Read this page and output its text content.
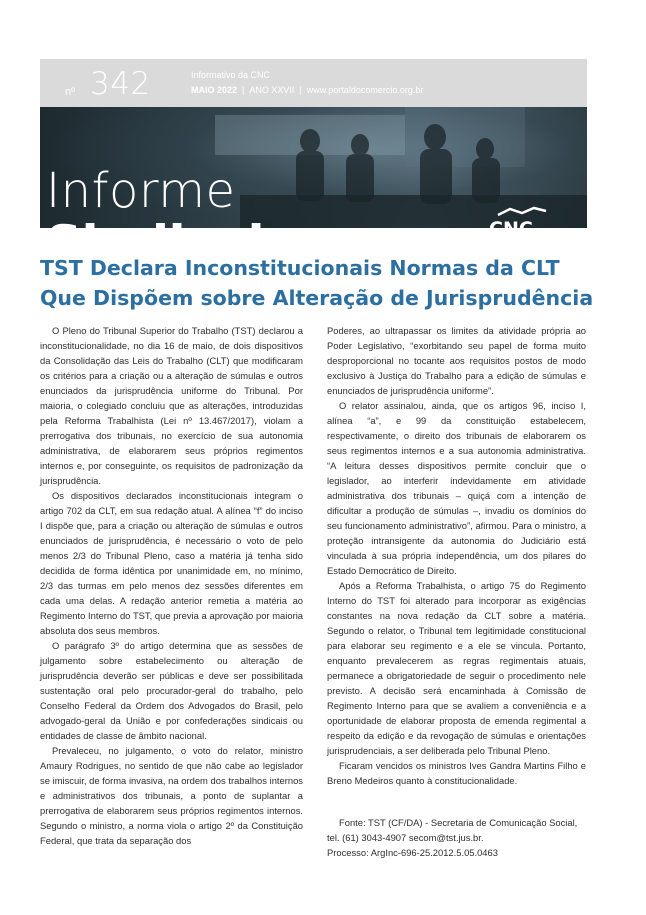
nº 342	Informativo da CNC
MAIO 2022 | ANO XXVII | www.portaldocomercio.org.br
Informe
Sindical	CNC
Sesc Senac
TST Declara Inconstitucionais Normas da CLT
Que Dispõem sobre Alteração de Jurisprudência

O Pleno do Tribunal Superior do Trabalho (TST) declarou a inconstitucionalidade, no dia 16 de maio, de dois dispositivos da Consolidação das Leis do Trabalho (CLT) que modificaram os critérios para a criação ou a alteração de súmulas e outros enunciados da jurisprudência uniforme do Tribunal. Por maioria, o colegiado concluiu que as alterações, introduzidas pela Reforma Trabalhista (Lei nº 13.467/2017), violam a prerrogativa dos tribunais, no exercício de sua autonomia administrativa, de elaborarem seus próprios regimentos internos e, por conseguinte, os requisitos de padronização da jurisprudência.

Os dispositivos declarados inconstitucionais integram o artigo 702 da CLT, em sua redação atual. A alínea “f” do inciso I dispõe que, para a criação ou alteração de súmulas e outros enunciados de jurisprudência, é necessário o voto de pelo menos 2/3 do Tribunal Pleno, caso a matéria já tenha sido decidida de forma idêntica por unanimidade em, no mínimo, 2/3 das turmas em pelo menos dez sessões diferentes em cada uma delas. A redação anterior remetia a matéria ao Regimento Interno do TST, que previa a aprovação por maioria absoluta dos seus membros.

O parágrafo 3º do artigo determina que as sessões de julgamento sobre estabelecimento ou alteração de jurisprudência deverão ser públicas e deve ser possibilitada sustentação oral pelo procurador-geral do trabalho, pelo Conselho Federal da Ordem dos Advogados do Brasil, pelo advogado-geral da União e por confederações sindicais ou entidades de classe de âmbito nacional.

Prevaleceu, no julgamento, o voto do relator, ministro Amaury Rodrigues, no sentido de que não cabe ao legislador se imiscuir, de forma invasiva, na ordem dos trabalhos internos e administrativos dos tribunais, a ponto de suplantar a prerrogativa de elaborarem seus próprios regimentos internos. Segundo o ministro, a norma viola o artigo 2º da Constituição Federal, que trata da separação dos

Poderes, ao ultrapassar os limites da atividade própria ao Poder Legislativo, “exorbitando seu papel de forma muito desproporcional no tocante aos requisitos postos de modo exclusivo à Justiça do Trabalho para a edição de súmulas e enunciados de jurisprudência uniforme”.

O relator assinalou, ainda, que os artigos 96, inciso I, alínea “a”, e 99 da constituição estabelecem, respectivamente, o direito dos tribunais de elaborarem os seus regimentos internos e a sua autonomia administrativa. “A leitura desses dispositivos permite concluir que o legislador, ao interferir indevidamente em atividade administrativa dos tribunais – quiçá com a intenção de dificultar a produção de súmulas –, invadiu os domínios do seu funcionamento administrativo”, afirmou. Para o ministro, a proteção intransigente da autonomia do Judiciário está vinculada à sua própria independência, um dos pilares do Estado Democrático de Direito.

Após a Reforma Trabalhista, o artigo 75 do Regimento Interno do TST foi alterado para incorporar as exigências constantes na nova redação da CLT sobre a matéria. Segundo o relator, o Tribunal tem legitimidade constitucional para elaborar seu regimento e a ele se vincula. Portanto, enquanto prevalecerem as regras regimentais atuais, permanece a obrigatoriedade de seguir o procedimento nele previsto. A decisão será encaminhada à Comissão de Regimento Interno para que se avaliem a conveniência e a oportunidade de elaborar proposta de emenda regimental a respeito da edição e da revogação de súmulas e orientações jurisprudenciais, a ser deliberada pelo Tribunal Pleno.

Ficaram vencidos os ministros Ives Gandra Martins Filho e Breno Medeiros quanto à constitucionalidade.

Fonte: TST (CF/DA) - Secretaria de Comunicação Social,
tel. (61) 3043-4907 secom@tst.jus.br.
Processo: ArgInc-696-25.2012.5.05.0463
